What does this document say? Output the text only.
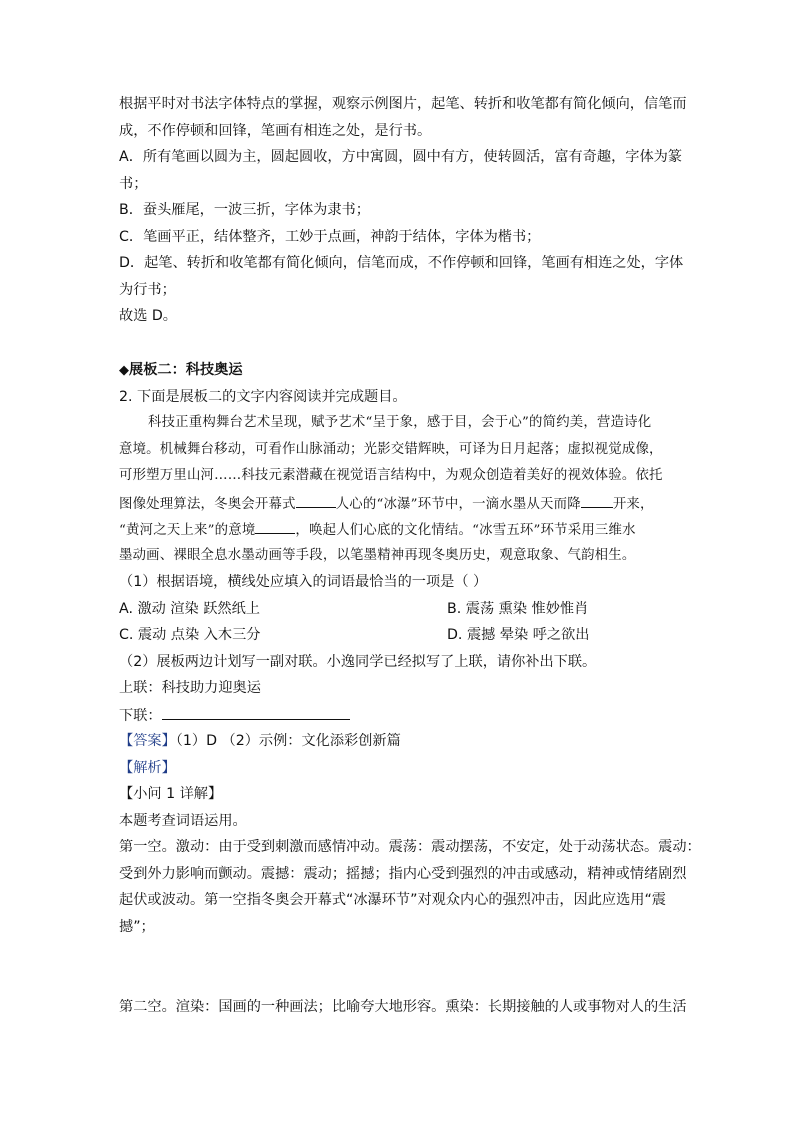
根据平时对书法字体特点的掌握，观察示例图片，起笔、转折和收笔都有简化倾向，信笔而
成，不作停顿和回锋，笔画有相连之处，是行书。
A．所有笔画以圆为主，圆起圆收，方中寓圆，圆中有方，使转圆活，富有奇趣，字体为篆
书；
B．蚕头雁尾，一波三折，字体为隶书；
C．笔画平正，结体整齐，工妙于点画，神韵于结体，字体为楷书；
D．起笔、转折和收笔都有简化倾向，信笔而成，不作停顿和回锋，笔画有相连之处，字体
为行书；
故选 D。
◆展板二：科技奥运
2. 下面是展板二的文字内容阅读并完成题目。
科技正重构舞台艺术呈现，赋予艺术“呈于象，感于目，会于心”的简约美，营造诗化
意境。机械舞台移动，可看作山脉涌动；光影交错辉映，可译为日月起落；虚拟视觉成像，
可形塑万里山河……科技元素潜藏在视觉语言结构中，为观众创造着美好的视效体验。依托
图像处理算法，冬奥会开幕式	人心的“冰瀑”环节中，一滴水墨从天而降 开来，
“黄河之天上来”的意境	，唤起人们心底的文化情结。“冰雪五环”环节采用三维水
墨动画、裸眼全息水墨动画等手段，以笔墨精神再现冬奥历史，观意取象、气韵相生。
（1）根据语境，横线处应填入的词语最恰当的一项是（ ）
A. 激动 渲染 跃然纸上	B. 震荡 熏染 惟妙惟肖
C. 震动 点染 入木三分	D. 震撼 晕染 呼之欲出
（2）展板两边计划写一副对联。小逸同学已经拟写了上联，请你补出下联。
上联：科技助力迎奥运
下联：
【答案】（1）D （2）示例：文化添彩创新篇
【解析】
【小问 1 详解】
本题考查词语运用。
第一空。激动：由于受到刺激而感情冲动。震荡：震动摆荡，不安定，处于动荡状态。震动：
受到外力影响而颤动。震撼：震动；摇撼；指内心受到强烈的冲击或感动，精神或情绪剧烈
起伏或波动。第一空指冬奥会开幕式“冰瀑环节”对观众内心的强烈冲击，因此应选用“震
撼”；
第二空。渲染：国画的一种画法；比喻夸大地形容。熏染：长期接触的人或事物对人的生活
